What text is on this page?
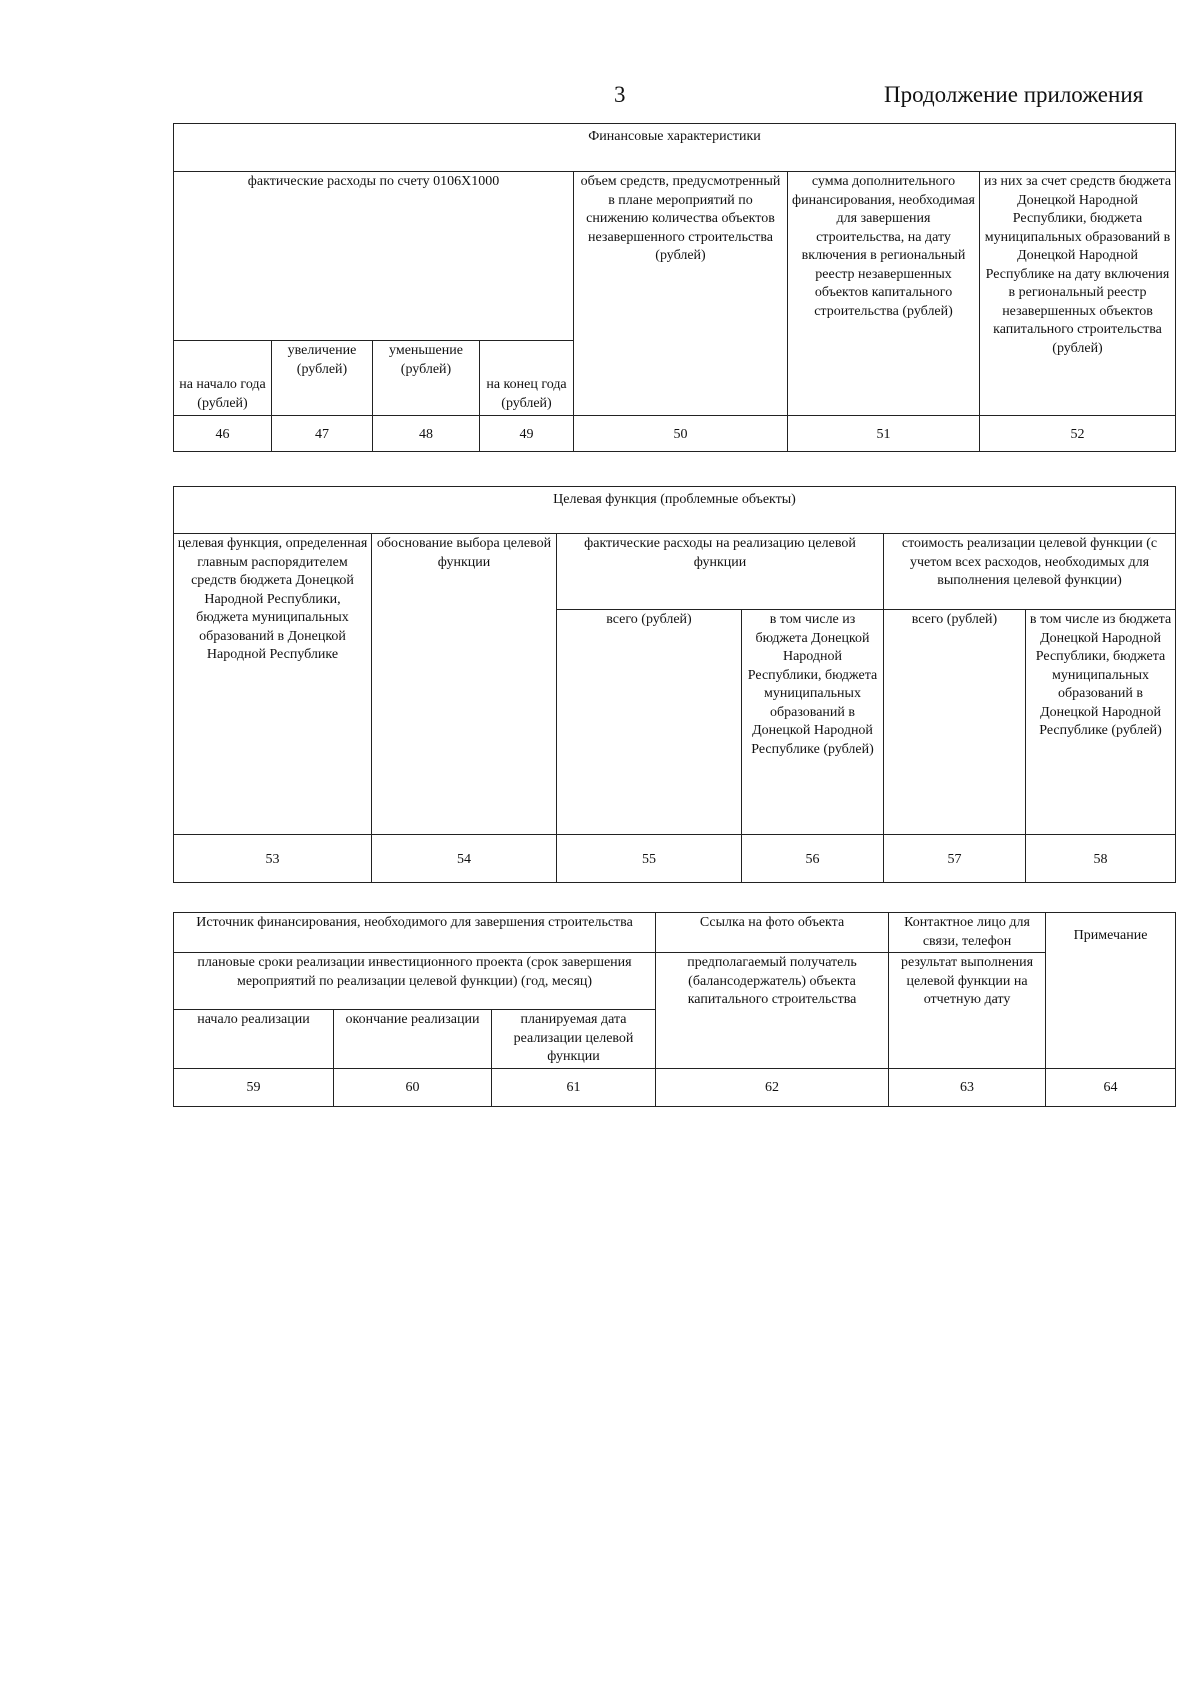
3	Продолжение приложения
Финансовые характеристики						
фактические расходы по счету 0106X1000				объем средств, предусмотренный в плане мероприятий по снижению количества объектов незавершенного строительства (рублей)	сумма дополнительного финансирования, необходимая для завершения строительства, на дату включения в региональный реестр незавершенных объектов капитального строительства (рублей)	из них за счет средств бюджета Донецкой Народной Республики, бюджета муниципальных образований в Донецкой Народной Республике на дату включения в региональный реестр незавершенных объектов капитального строительства (рублей)
на начало года (рублей)	увеличение (рублей)	уменьшение (рублей)	на конец года (рублей)			
46	47	48	49	50	51	52
Целевая функция (проблемные объекты)					
целевая функция, определенная главным распорядителем средств бюджета Донецкой Народной Республики, бюджета муниципальных образований в Донецкой Народной Республике	обоснование выбора целевой функции	фактические расходы на реализацию целевой функции		стоимость реализации целевой функции (с учетом всех расходов, необходимых для выполнения целевой функции)	
		всего (рублей)	в том числе из бюджета Донецкой Народной Республики, бюджета муниципальных образований в Донецкой Народной Республике (рублей)	всего (рублей)	в том числе из бюджета Донецкой Народной Республики, бюджета муниципальных образований в Донецкой Народной Республике (рублей)
53	54	55	56	57	58
Источник финансирования, необходимого для завершения строительства			Ссылка на фото объекта	Контактное лицо для связи, телефон	Примечание
плановые сроки реализации инвестиционного проекта (срок завершения мероприятий по реализации целевой функции) (год, месяц)			предполагаемый получатель (балансодержатель) объекта капитального строительства	результат выполнения целевой функции на отчетную дату	
начало реализации	окончание реализации	планируемая дата реализации целевой функции			
59	60	61	62	63	64
